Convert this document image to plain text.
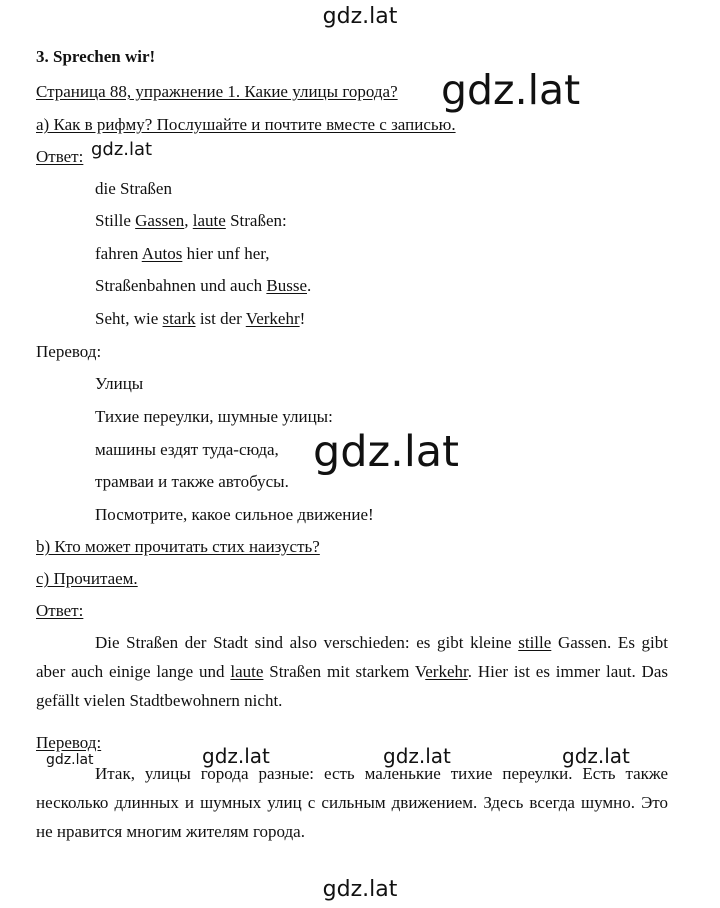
gdz.lat
gdz.lat
gdz.lat
gdz.lat
gdz.lat	gdz.lat	gdz.lat	gdz.lat
gdz.lat
3. Sprechen wir!
Страница 88, упражнение 1. Какие улицы города?
а) Как в рифму? Послушайте и почтите вместе с записью.
Ответ:
die Straßen
Stille Gassen, laute Straßen:
fahren Autos hier unf her,
Straßenbahnen und auch Busse.
Seht, wie stark ist der Verkehr!
Перевод:
Улицы
Тихие переулки, шумные улицы:
машины ездят туда-сюда,
трамваи и также автобусы.
Посмотрите, какое сильное движение!
b) Кто может прочитать стих наизусть?
c) Прочитаем.
Ответ:
Die Straßen der Stadt sind also verschieden: es gibt kleine stille Gassen. Es gibt aber auch einige lange und laute Straßen mit starkem Verkehr. Hier ist es immer laut. Das gefällt vielen Stadtbewohnern nicht.
Перевод:
Итак, улицы города разные: есть маленькие тихие переулки. Есть также несколько длинных и шумных улиц с сильным движением. Здесь всегда шумно. Это не нравится многим жителям города.
